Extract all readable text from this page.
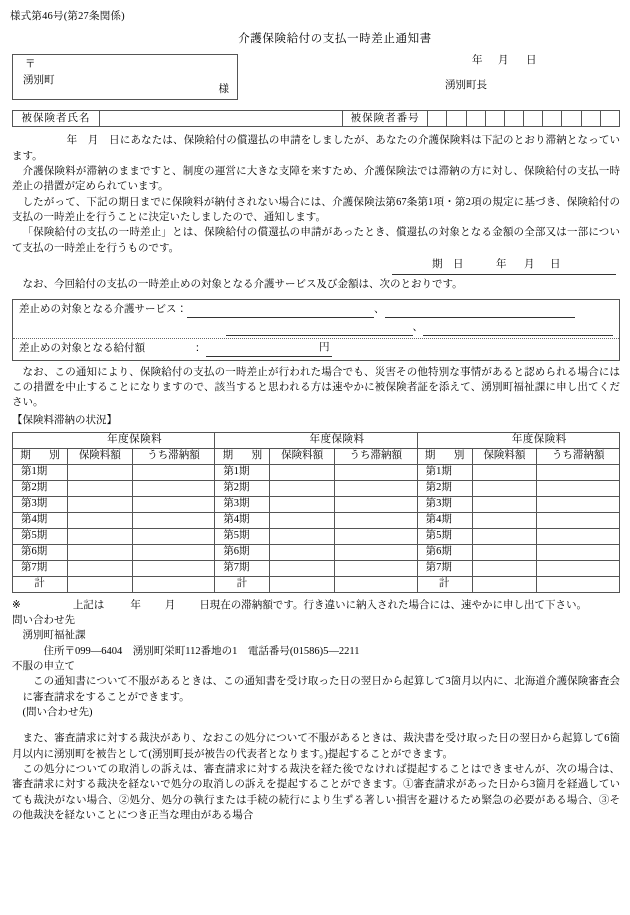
様式第46号(第27条関係)
介護保険給付の支払一時差止通知書
〒
湧別町
様
年 月 日
湧別町長
被保険者氏名	被保険者番号

年　月　日にあなたは、保険給付の償還払の申請をしましたが、あなたの介護保険料は下記のとおり滞納となっています。

介護保険料が滞納のままですと、制度の運営に大きな支障を来すため、介護保険法では滞納の方に対し、保険給付の支払一時差止の措置が定められています。

したがって、下記の期日までに保険料が納付されない場合には、介護保険法第67条第1項・第2項の規定に基づき、保険給付の支払の一時差止を行うことに決定いたしましたので、通知します。

「保険給付の支払の一時差止」とは、保険給付の償還払の申請があったとき、償還払の対象となる金額の全部又は一部について支払の一時差止を行うものです。

期　日	年 月 日

なお、今回給付の支払の一時差止めの対象となる介護サービス及び金額は、次のとおりです。

差止めの対象となる介護サービス：	、
、
差止めの対象となる給付額	：	円

なお、この通知により、保険給付の支払の一時差止が行われた場合でも、災害その他特別な事情があると認められる場合にはこの措置を中止することになりますので、該当すると思われる方は速やかに被保険者証を添えて、湧別町福祉課に申し出てください。

【保険料滞納の状況】
年度保険料			年度保険料			年度保険料		
期　別	保険料額	うち滞納額	期　別	保険料額	うち滞納額	期　別	保険料額	うち滞納額
第1期			第1期			第1期		
第2期			第2期			第2期		
第3期			第3期			第3期		
第4期			第4期			第4期		
第5期			第5期			第5期		
第6期			第6期			第6期		
第7期			第7期			第7期		
計			計			計		

※	上記は 年 月 日現在の滞納額です。行き違いに納入された場合には、速やかに申し出て下さい。

問い合わせ先

湧別町福祉課

住所〒099—6404　湧別町栄町112番地の1　電話番号(01586)5—2211

不服の申立て

この通知書について不服があるときは、この通知書を受け取った日の翌日から起算して3箇月以内に、北海道介護保険審査会に審査請求をすることができます。

(問い合わせ先)

また、審査請求に対する裁決があり、なおこの処分について不服があるときは、裁決書を受け取った日の翌日から起算して6箇月以内に湧別町を被告として(湧別町長が被告の代表者となります。)提起することができます。

この処分についての取消しの訴えは、審査請求に対する裁決を経た後でなければ提起することはできませんが、次の場合は、審査請求に対する裁決を経ないで処分の取消しの訴えを提起することができます。①審査請求があった日から3箇月を経過していても裁決がない場合、②処分、処分の執行または手続の続行により生ずる著しい損害を避けるため緊急の必要がある場合、③その他裁決を経ないことにつき正当な理由がある場合
